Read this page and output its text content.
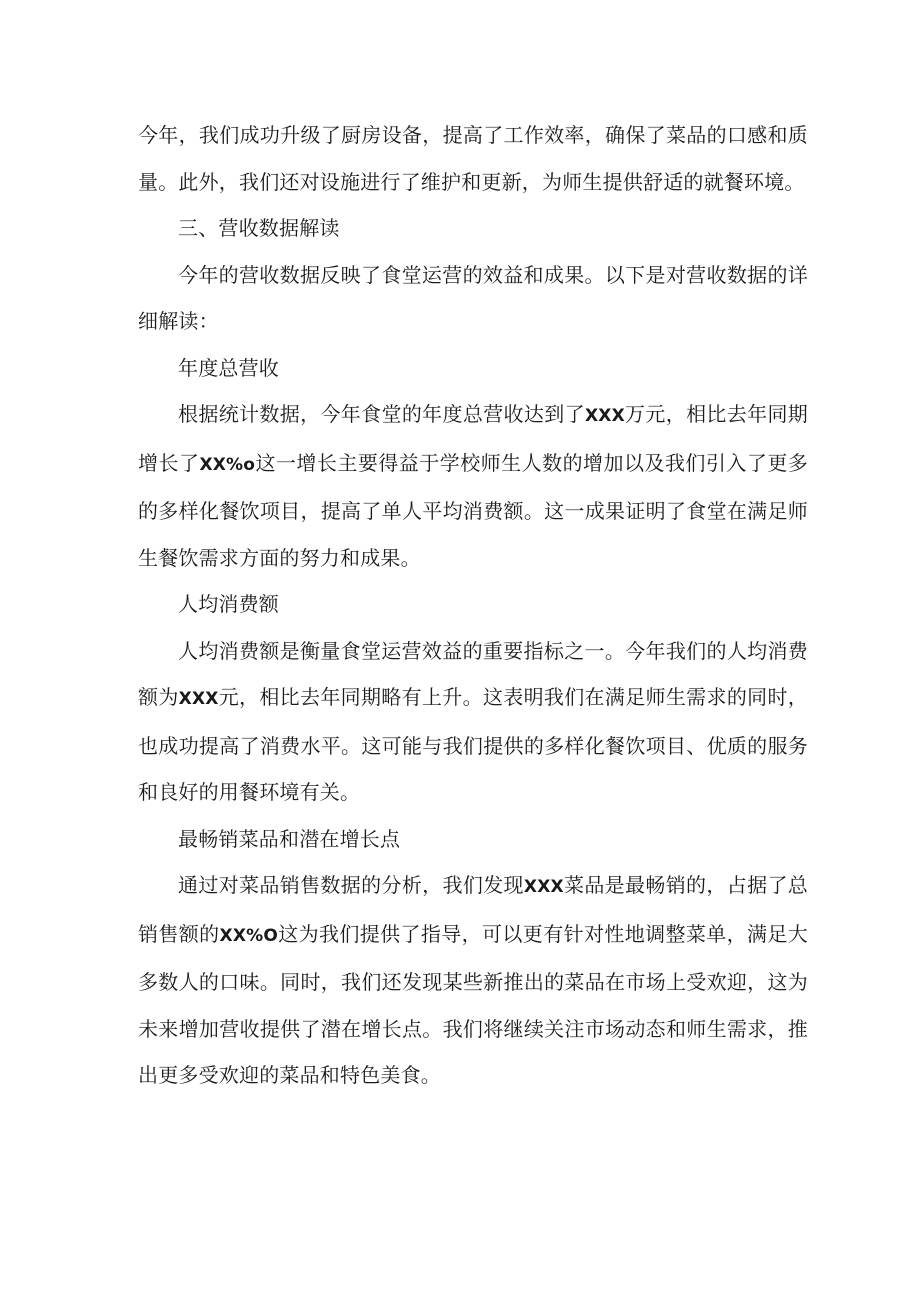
今年，我们成功升级了厨房设备，提高了工作效率，确保了菜品的口感和质量。此外，我们还对设施进行了维护和更新，为师生提供舒适的就餐环境。

三、营收数据解读

今年的营收数据反映了食堂运营的效益和成果。以下是对营收数据的详细解读：

年度总营收

根据统计数据，今年食堂的年度总营收达到了XXX万元，相比去年同期增长了XX%o这一增长主要得益于学校师生人数的增加以及我们引入了更多的多样化餐饮项目，提高了单人平均消费额。这一成果证明了食堂在满足师生餐饮需求方面的努力和成果。

人均消费额

人均消费额是衡量食堂运营效益的重要指标之一。今年我们的人均消费额为XXX元，相比去年同期略有上升。这表明我们在满足师生需求的同时，也成功提高了消费水平。这可能与我们提供的多样化餐饮项目、优质的服务和良好的用餐环境有关。

最畅销菜品和潜在增长点

通过对菜品销售数据的分析，我们发现XXX菜品是最畅销的，占据了总销售额的XX%O这为我们提供了指导，可以更有针对性地调整菜单，满足大多数人的口味。同时，我们还发现某些新推出的菜品在市场上受欢迎，这为未来增加营收提供了潜在增长点。我们将继续关注市场动态和师生需求，推出更多受欢迎的菜品和特色美食。
